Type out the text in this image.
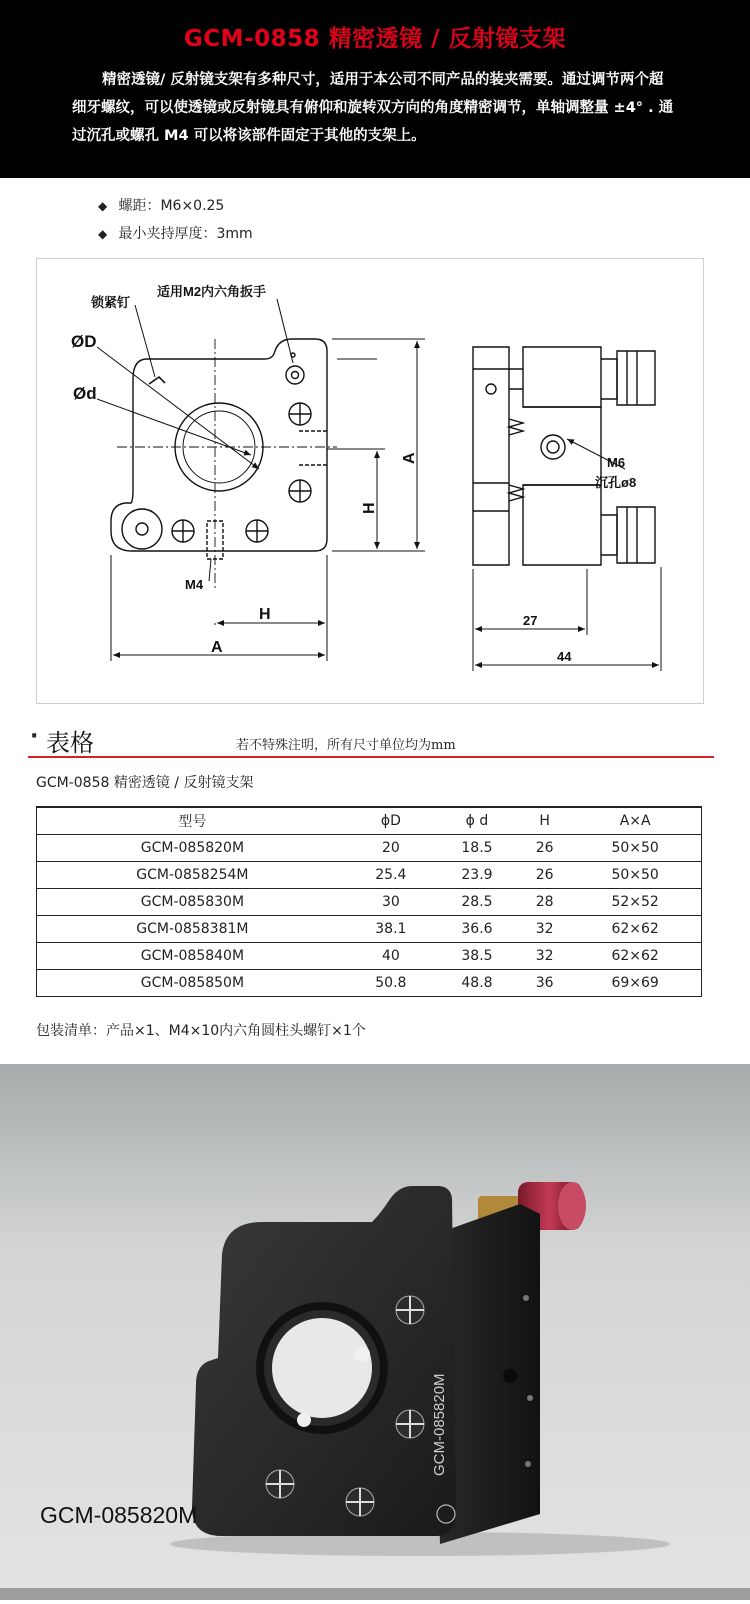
GCM-0858 精密透镜 / 反射镜支架
精密透镜/ 反射镜支架有多种尺寸，适用于本公司不同产品的装夹需要。通过调节两个超细牙螺纹，可以使透镜或反射镜具有俯仰和旋转双方向的角度精密调节，单轴调整量 ±4° . 通过沉孔或螺孔 M4 可以将该部件固定于其他的支架上。
◆ 螺距：M6×0.25
◆ 最小夹持厚度：3mm
锁紧钉
适用M2内六角扳手
ØD
Ød
M4
H
A
H
A
M6
沉孔ø8
27
44
· 表格	若不特殊注明，所有尺寸单位均为mm
GCM-0858 精密透镜 / 反射镜支架
型号	ϕD	ϕ d	H	A×A
GCM-085820M	20	18.5	26	50×50
GCM-0858254M	25.4	23.9	26	50×50
GCM-085830M	30	28.5	28	52×52
GCM-0858381M	38.1	36.6	32	62×62
GCM-085840M	40	38.5	32	62×62
GCM-085850M	50.8	48.8	36	69×69
包装清单：产品×1、M4×10内六角圆柱头螺钉×1个
GCM-085820M
GCM-085820M
